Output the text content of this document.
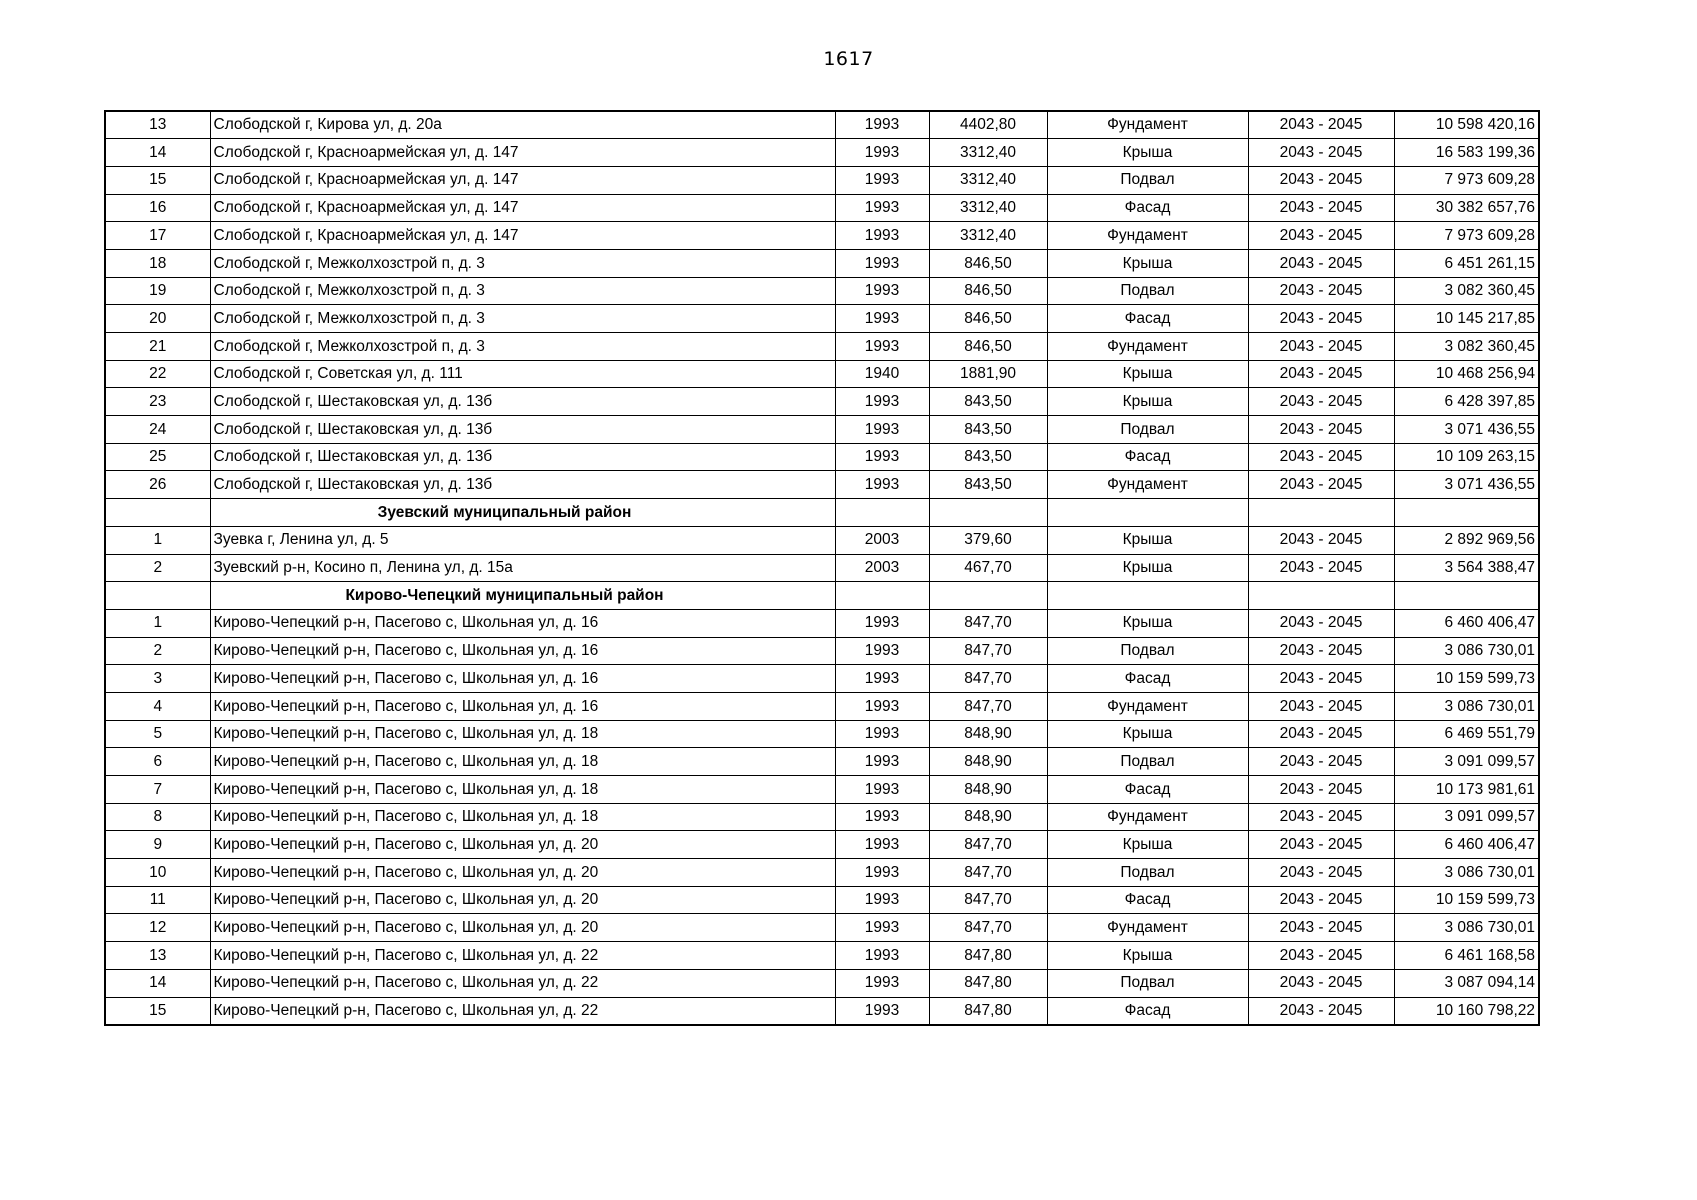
1617
13	Слободской г, Кирова ул, д. 20а	1993	4402,80	Фундамент	2043 - 2045	10 598 420,16
14	Слободской г, Красноармейская ул, д. 147	1993	3312,40	Крыша	2043 - 2045	16 583 199,36
15	Слободской г, Красноармейская ул, д. 147	1993	3312,40	Подвал	2043 - 2045	7 973 609,28
16	Слободской г, Красноармейская ул, д. 147	1993	3312,40	Фасад	2043 - 2045	30 382 657,76
17	Слободской г, Красноармейская ул, д. 147	1993	3312,40	Фундамент	2043 - 2045	7 973 609,28
18	Слободской г, Межколхозстрой п, д. 3	1993	846,50	Крыша	2043 - 2045	6 451 261,15
19	Слободской г, Межколхозстрой п, д. 3	1993	846,50	Подвал	2043 - 2045	3 082 360,45
20	Слободской г, Межколхозстрой п, д. 3	1993	846,50	Фасад	2043 - 2045	10 145 217,85
21	Слободской г, Межколхозстрой п, д. 3	1993	846,50	Фундамент	2043 - 2045	3 082 360,45
22	Слободской г, Советская ул, д. 111	1940	1881,90	Крыша	2043 - 2045	10 468 256,94
23	Слободской г, Шестаковская ул, д. 13б	1993	843,50	Крыша	2043 - 2045	6 428 397,85
24	Слободской г, Шестаковская ул, д. 13б	1993	843,50	Подвал	2043 - 2045	3 071 436,55
25	Слободской г, Шестаковская ул, д. 13б	1993	843,50	Фасад	2043 - 2045	10 109 263,15
26	Слободской г, Шестаковская ул, д. 13б	1993	843,50	Фундамент	2043 - 2045	3 071 436,55
	Зуевский муниципальный район					
1	Зуевка г, Ленина ул, д. 5	2003	379,60	Крыша	2043 - 2045	2 892 969,56
2	Зуевский р-н, Косино п, Ленина ул, д. 15а	2003	467,70	Крыша	2043 - 2045	3 564 388,47
	Кирово-Чепецкий муниципальный район					
1	Кирово-Чепецкий р-н, Пасегово с, Школьная ул, д. 16	1993	847,70	Крыша	2043 - 2045	6 460 406,47
2	Кирово-Чепецкий р-н, Пасегово с, Школьная ул, д. 16	1993	847,70	Подвал	2043 - 2045	3 086 730,01
3	Кирово-Чепецкий р-н, Пасегово с, Школьная ул, д. 16	1993	847,70	Фасад	2043 - 2045	10 159 599,73
4	Кирово-Чепецкий р-н, Пасегово с, Школьная ул, д. 16	1993	847,70	Фундамент	2043 - 2045	3 086 730,01
5	Кирово-Чепецкий р-н, Пасегово с, Школьная ул, д. 18	1993	848,90	Крыша	2043 - 2045	6 469 551,79
6	Кирово-Чепецкий р-н, Пасегово с, Школьная ул, д. 18	1993	848,90	Подвал	2043 - 2045	3 091 099,57
7	Кирово-Чепецкий р-н, Пасегово с, Школьная ул, д. 18	1993	848,90	Фасад	2043 - 2045	10 173 981,61
8	Кирово-Чепецкий р-н, Пасегово с, Школьная ул, д. 18	1993	848,90	Фундамент	2043 - 2045	3 091 099,57
9	Кирово-Чепецкий р-н, Пасегово с, Школьная ул, д. 20	1993	847,70	Крыша	2043 - 2045	6 460 406,47
10	Кирово-Чепецкий р-н, Пасегово с, Школьная ул, д. 20	1993	847,70	Подвал	2043 - 2045	3 086 730,01
11	Кирово-Чепецкий р-н, Пасегово с, Школьная ул, д. 20	1993	847,70	Фасад	2043 - 2045	10 159 599,73
12	Кирово-Чепецкий р-н, Пасегово с, Школьная ул, д. 20	1993	847,70	Фундамент	2043 - 2045	3 086 730,01
13	Кирово-Чепецкий р-н, Пасегово с, Школьная ул, д. 22	1993	847,80	Крыша	2043 - 2045	6 461 168,58
14	Кирово-Чепецкий р-н, Пасегово с, Школьная ул, д. 22	1993	847,80	Подвал	2043 - 2045	3 087 094,14
15	Кирово-Чепецкий р-н, Пасегово с, Школьная ул, д. 22	1993	847,80	Фасад	2043 - 2045	10 160 798,22
